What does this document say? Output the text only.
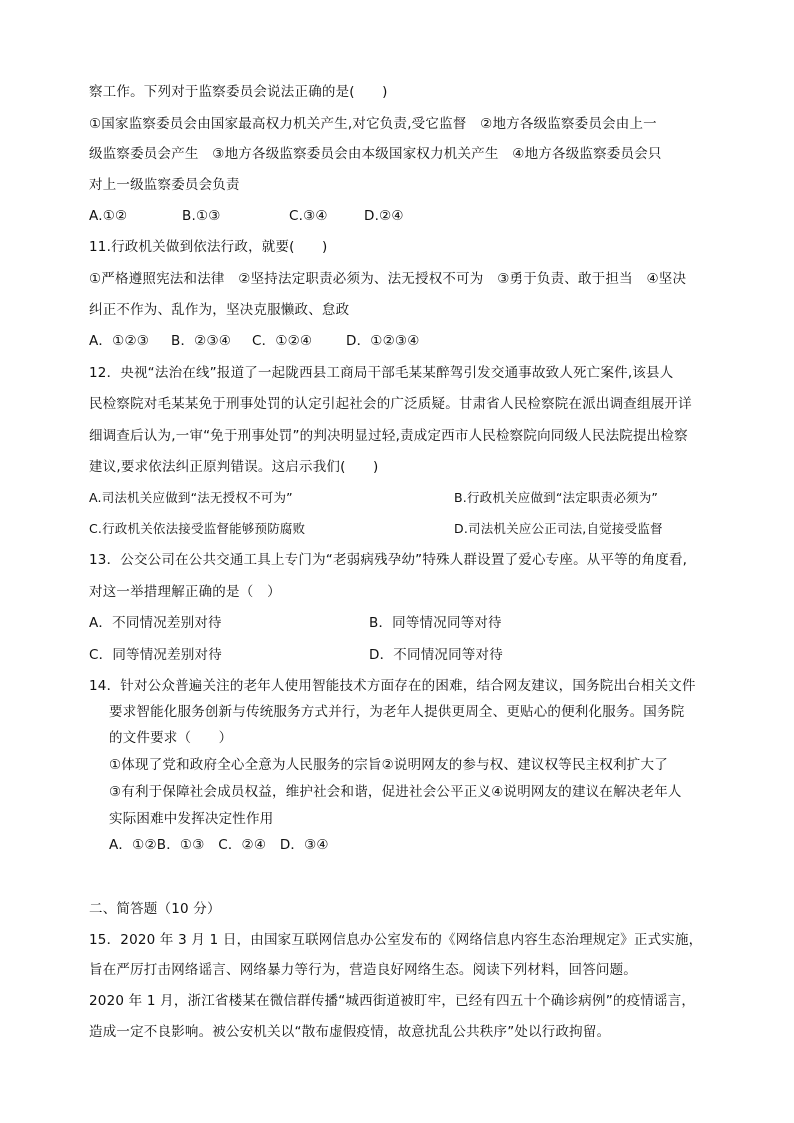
察工作。下列对于监察委员会说法正确的是(　　)
①国家监察委员会由国家最高权力机关产生,对它负责,受它监督　②地方各级监察委员会由上一
级监察委员会产生　③地方各级监察委员会由本级国家权力机关产生　④地方各级监察委员会只
对上一级监察委员会负责
A.①②	B.①③	C.③④	D.②④
11.行政机关做到依法行政，就要(　　)
①严格遵照宪法和法律　②坚持法定职责必须为、法无授权不可为　③勇于负责、敢于担当　④坚决
纠正不作为、乱作为，坚决克服懒政、怠政
A．①②③ B．②③④ C．①②④	D．①②③④
12．央视“法治在线”报道了一起陇西县工商局干部毛某某醉驾引发交通事故致人死亡案件,该县人
民检察院对毛某某免于刑事处罚的认定引起社会的广泛质疑。甘肃省人民检察院在派出调查组展开详
细调查后认为,一审“免于刑事处罚”的判决明显过轻,责成定西市人民检察院向同级人民法院提出检察
建议,要求依法纠正原判错误。这启示我们(　　)
A.司法机关应做到“法无授权不可为”	B.行政机关应做到“法定职责必须为”
C.行政机关依法接受监督能够预防腐败	D.司法机关应公正司法,自觉接受监督
13．公交公司在公共交通工具上专门为“老弱病残孕幼”特殊人群设置了爱心专座。从平等的角度看,
对这一举措理解正确的是（　）
A．不同情况差别对待	B．同等情况同等对待
C．同等情况差别对待	D．不同情况同等对待
14．针对公众普遍关注的老年人使用智能技术方面存在的困难，结合网友建议，国务院出台相关文件
要求智能化服务创新与传统服务方式并行，为老年人提供更周全、更贴心的便利化服务。国务院
的文件要求（　　）
①体现了党和政府全心全意为人民服务的宗旨②说明网友的参与权、建议权等民主权利扩大了
③有利于保障社会成员权益，维护社会和谐，促进社会公平正义④说明网友的建议在解决老年人
实际困难中发挥决定性作用
A．①②B．①③　C．②④　D．③④
二、简答题（10 分）
15．2020 年 3 月 1 日，由国家互联网信息办公室发布的《网络信息内容生态治理规定》正式实施，
旨在严厉打击网络谣言、网络暴力等行为，营造良好网络生态。阅读下列材料，回答问题。
2020 年 1 月，浙江省楼某在微信群传播“城西街道被盯牢，已经有四五十个确诊病例”的疫情谣言，
造成一定不良影响。被公安机关以“散布虚假疫情，故意扰乱公共秩序”处以行政拘留。
